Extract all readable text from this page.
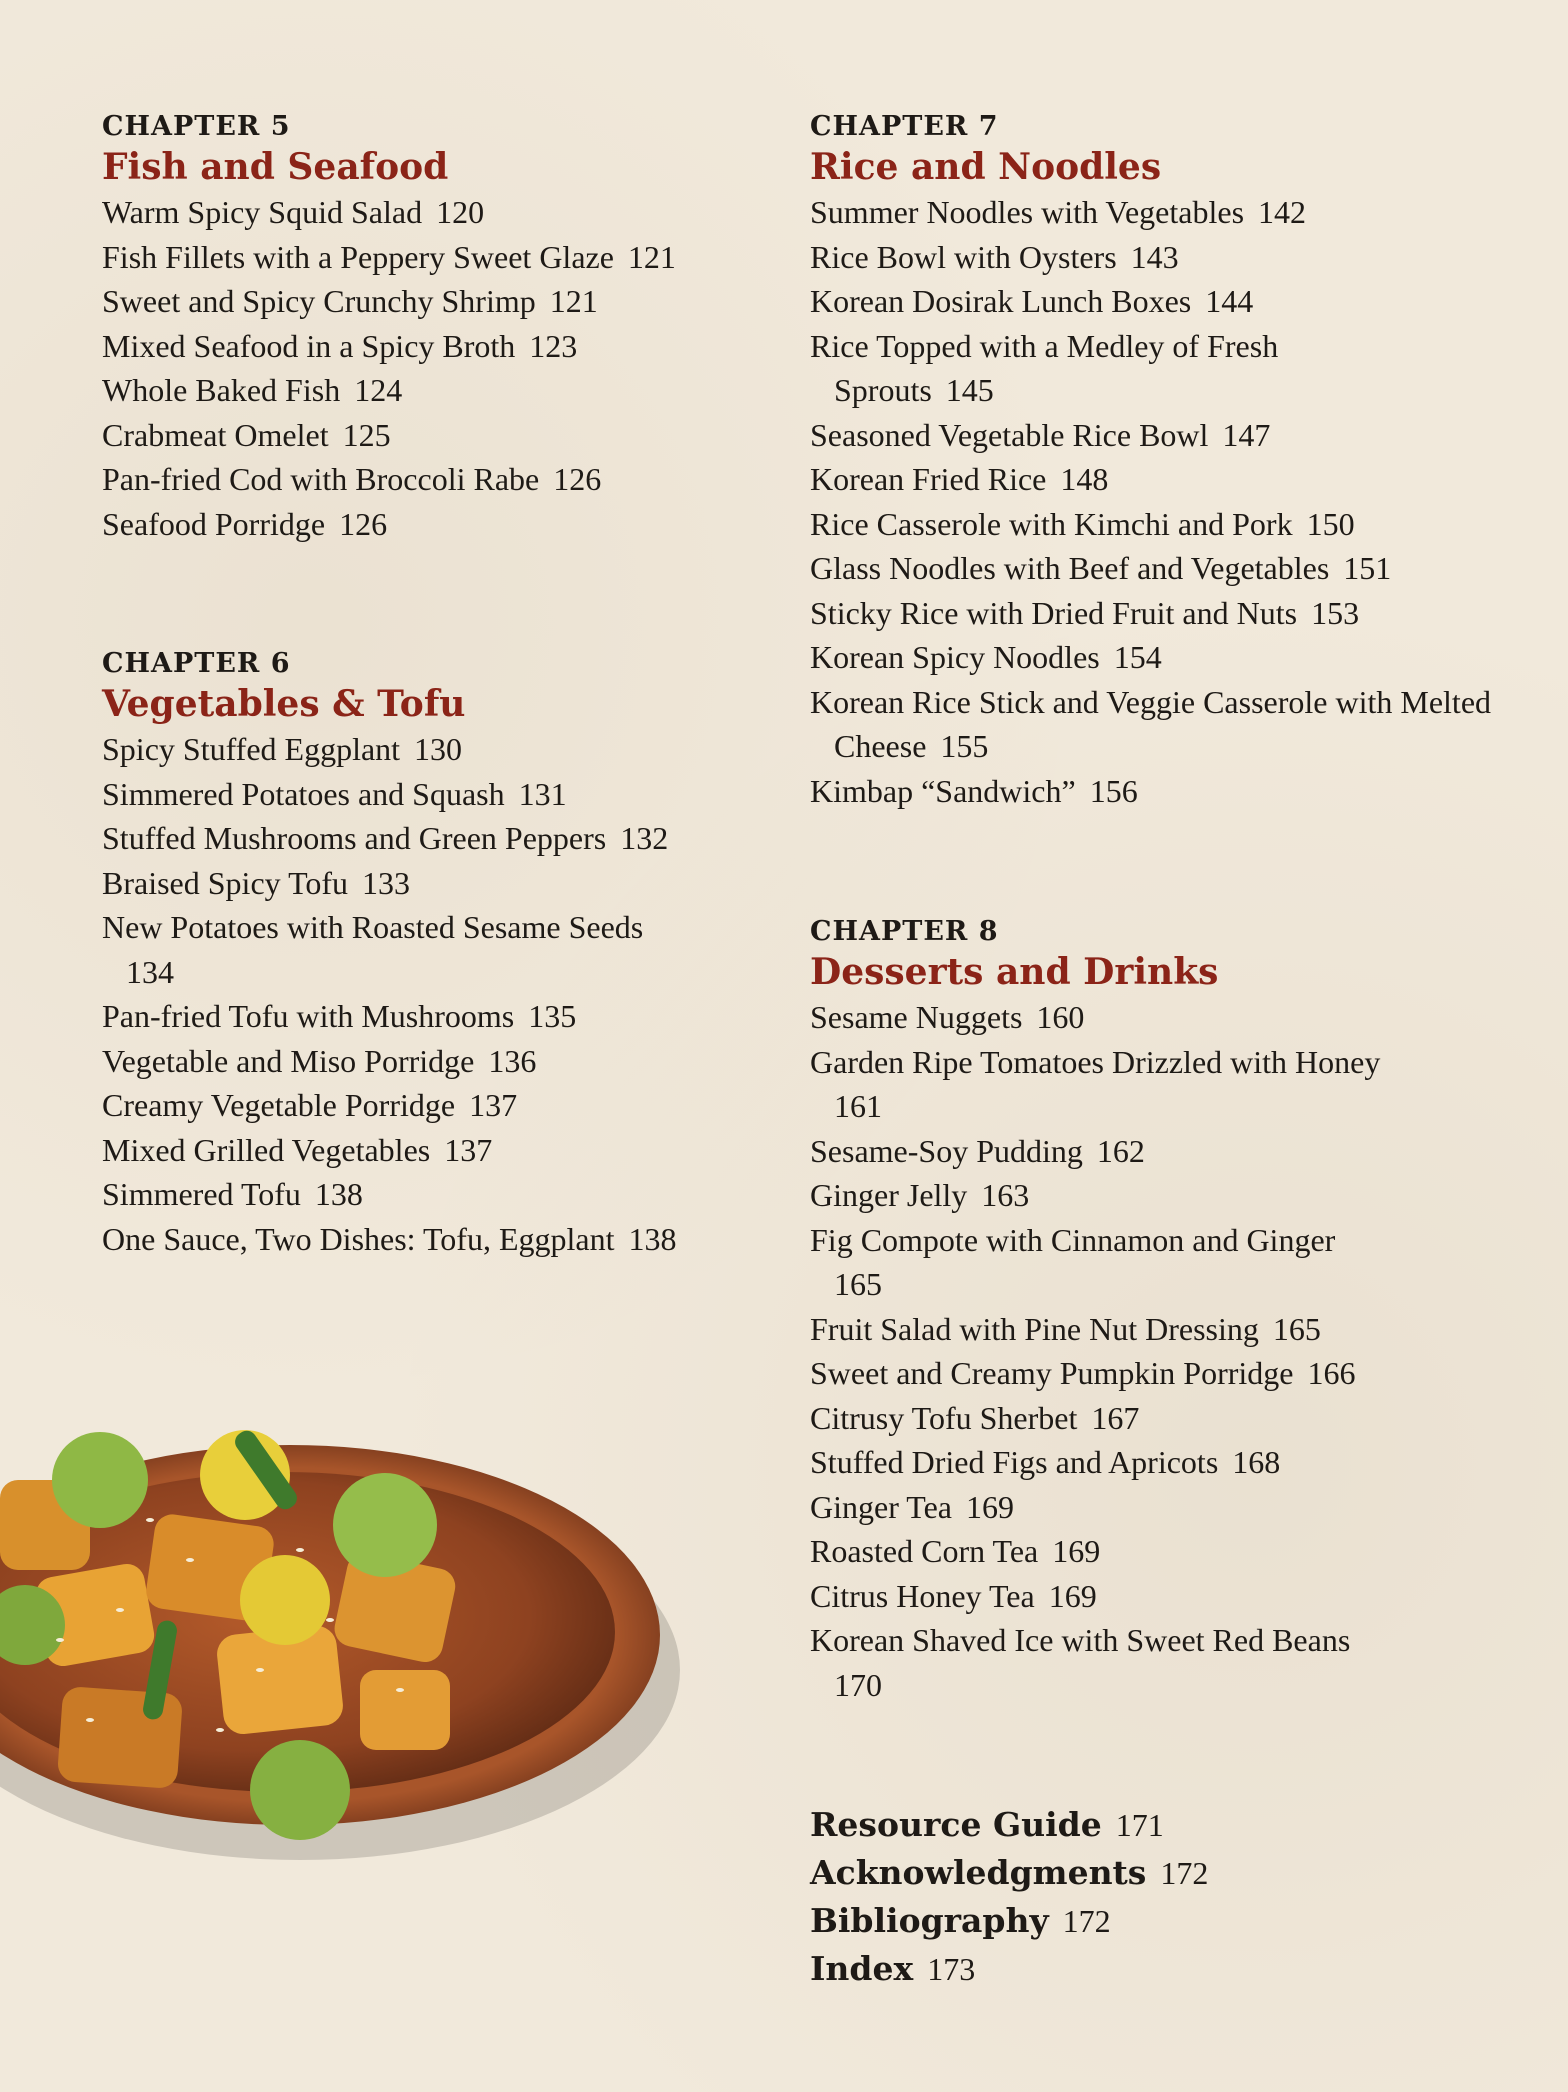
CHAPTER 5
Fish and Seafood
Warm Spicy Squid Salad 120
Fish Fillets with a Peppery Sweet Glaze 121
Sweet and Spicy Crunchy Shrimp 121
Mixed Seafood in a Spicy Broth 123
Whole Baked Fish 124
Crabmeat Omelet 125
Pan-fried Cod with Broccoli Rabe 126
Seafood Porridge 126
CHAPTER 6
Vegetables & Tofu
Spicy Stuffed Eggplant 130
Simmered Potatoes and Squash 131
Stuffed Mushrooms and Green Peppers 132
Braised Spicy Tofu 133
New Potatoes with Roasted Sesame Seeds
134
Pan-fried Tofu with Mushrooms 135
Vegetable and Miso Porridge 136
Creamy Vegetable Porridge 137
Mixed Grilled Vegetables 137
Simmered Tofu 138
One Sauce, Two Dishes: Tofu, Eggplant 138
CHAPTER 7
Rice and Noodles
Summer Noodles with Vegetables 142
Rice Bowl with Oysters 143
Korean Dosirak Lunch Boxes 144
Rice Topped with a Medley of Fresh Sprouts 145
Seasoned Vegetable Rice Bowl 147
Korean Fried Rice 148
Rice Casserole with Kimchi and Pork 150
Glass Noodles with Beef and Vegetables 151
Sticky Rice with Dried Fruit and Nuts 153
Korean Spicy Noodles 154
Korean Rice Stick and Veggie Casserole with Melted Cheese 155
Kimbap “Sandwich” 156
CHAPTER 8
Desserts and Drinks
Sesame Nuggets 160
Garden Ripe Tomatoes Drizzled with Honey
161
Sesame-Soy Pudding 162
Ginger Jelly 163
Fig Compote with Cinnamon and Ginger
165
Fruit Salad with Pine Nut Dressing 165
Sweet and Creamy Pumpkin Porridge 166
Citrusy Tofu Sherbet 167
Stuffed Dried Figs and Apricots 168
Ginger Tea 169
Roasted Corn Tea 169
Citrus Honey Tea 169
Korean Shaved Ice with Sweet Red Beans
170
Resource Guide 171
Acknowledgments 172
Bibliography 172
Index 173
